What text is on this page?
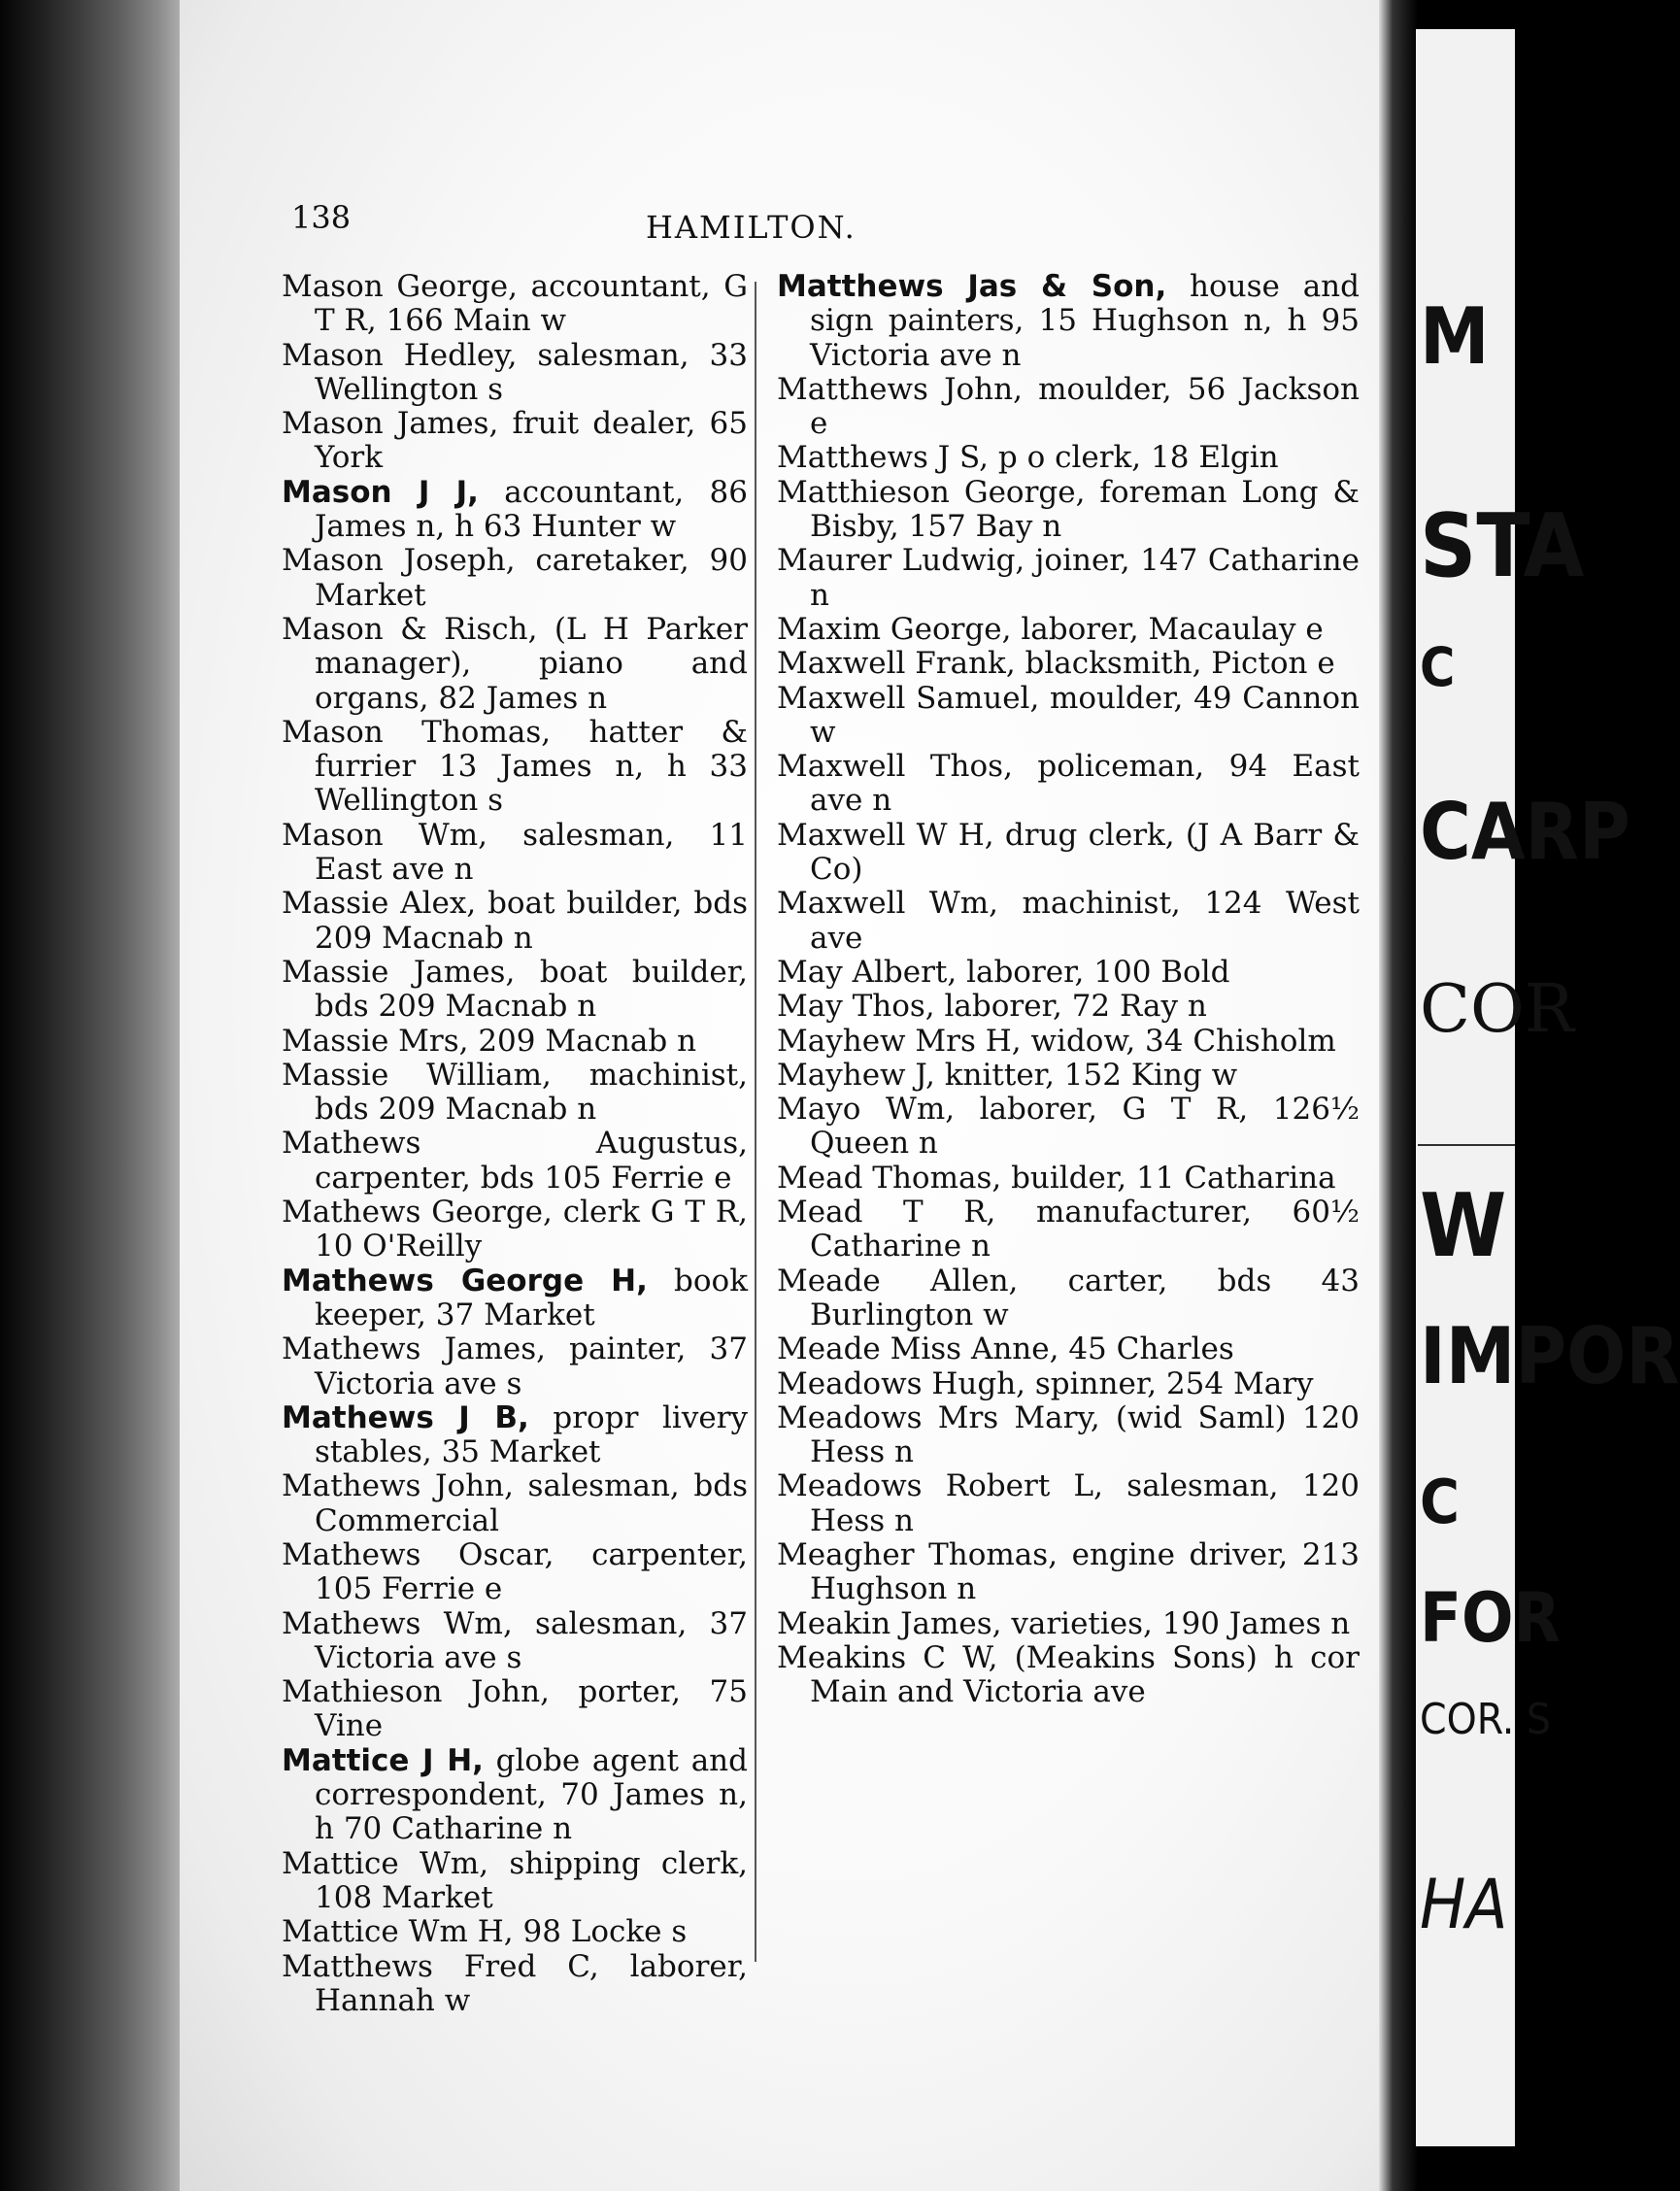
138	HAMILTON.
Mason George, accountant, G T R, 166 Main w
Mason Hedley, salesman, 33 Wellington s
Mason James, fruit dealer, 65 York
Mason J J, accountant, 86 James n, h 63 Hunter w
Mason Joseph, caretaker, 90 Market
Mason & Risch, (L H Parker manager), piano and organs, 82 James n
Mason Thomas, hatter & furrier 13 James n, h 33 Wellington s
Mason Wm, salesman, 11 East ave n
Massie Alex, boat builder, bds 209 Macnab n
Massie James, boat builder, bds 209 Macnab n
Massie Mrs, 209 Macnab n
Massie William, machinist, bds 209 Macnab n
Mathews Augustus, carpenter, bds 105 Ferrie e
Mathews George, clerk G T R, 10 O'Reilly
Mathews George H, book keeper, 37 Market
Mathews James, painter, 37 Victoria ave s
Mathews J B, propr livery stables, 35 Market
Mathews John, salesman, bds Commercial
Mathews Oscar, carpenter, 105 Ferrie e
Mathews Wm, salesman, 37 Victoria ave s
Mathieson John, porter, 75 Vine
Mattice J H, globe agent and correspondent, 70 James n, h 70 Catharine n
Mattice Wm, shipping clerk, 108 Market
Mattice Wm H, 98 Locke s
Matthews Fred C, laborer, Hannah w
Matthews Jas & Son, house and sign painters, 15 Hughson n, h 95 Victoria ave n
Matthews John, moulder, 56 Jackson e
Matthews J S, p o clerk, 18 Elgin
Matthieson George, foreman Long & Bisby, 157 Bay n
Maurer Ludwig, joiner, 147 Catharine n
Maxim George, laborer, Macaulay e
Maxwell Frank, blacksmith, Picton e
Maxwell Samuel, moulder, 49 Cannon w
Maxwell Thos, policeman, 94 East ave n
Maxwell W H, drug clerk, (J A Barr & Co)
Maxwell Wm, machinist, 124 West ave
May Albert, laborer, 100 Bold
May Thos, laborer, 72 Ray n
Mayhew Mrs H, widow, 34 Chisholm
Mayhew J, knitter, 152 King w
Mayo Wm, laborer, G T R, 126½ Queen n
Mead Thomas, builder, 11 Catharina
Mead T R, manufacturer, 60½ Catharine n
Meade Allen, carter, bds 43 Burlington w
Meade Miss Anne, 45 Charles
Meadows Hugh, spinner, 254 Mary
Meadows Mrs Mary, (wid Saml) 120 Hess n
Meadows Robert L, salesman, 120 Hess n
Meagher Thomas, engine driver, 213 Hughson n
Meakin James, varieties, 190 James n
Meakins C W, (Meakins Sons) h cor Main and Victoria ave
M
STA
C
CARP
COR
W
IMPOR
C
FOR
COR. S
HA
